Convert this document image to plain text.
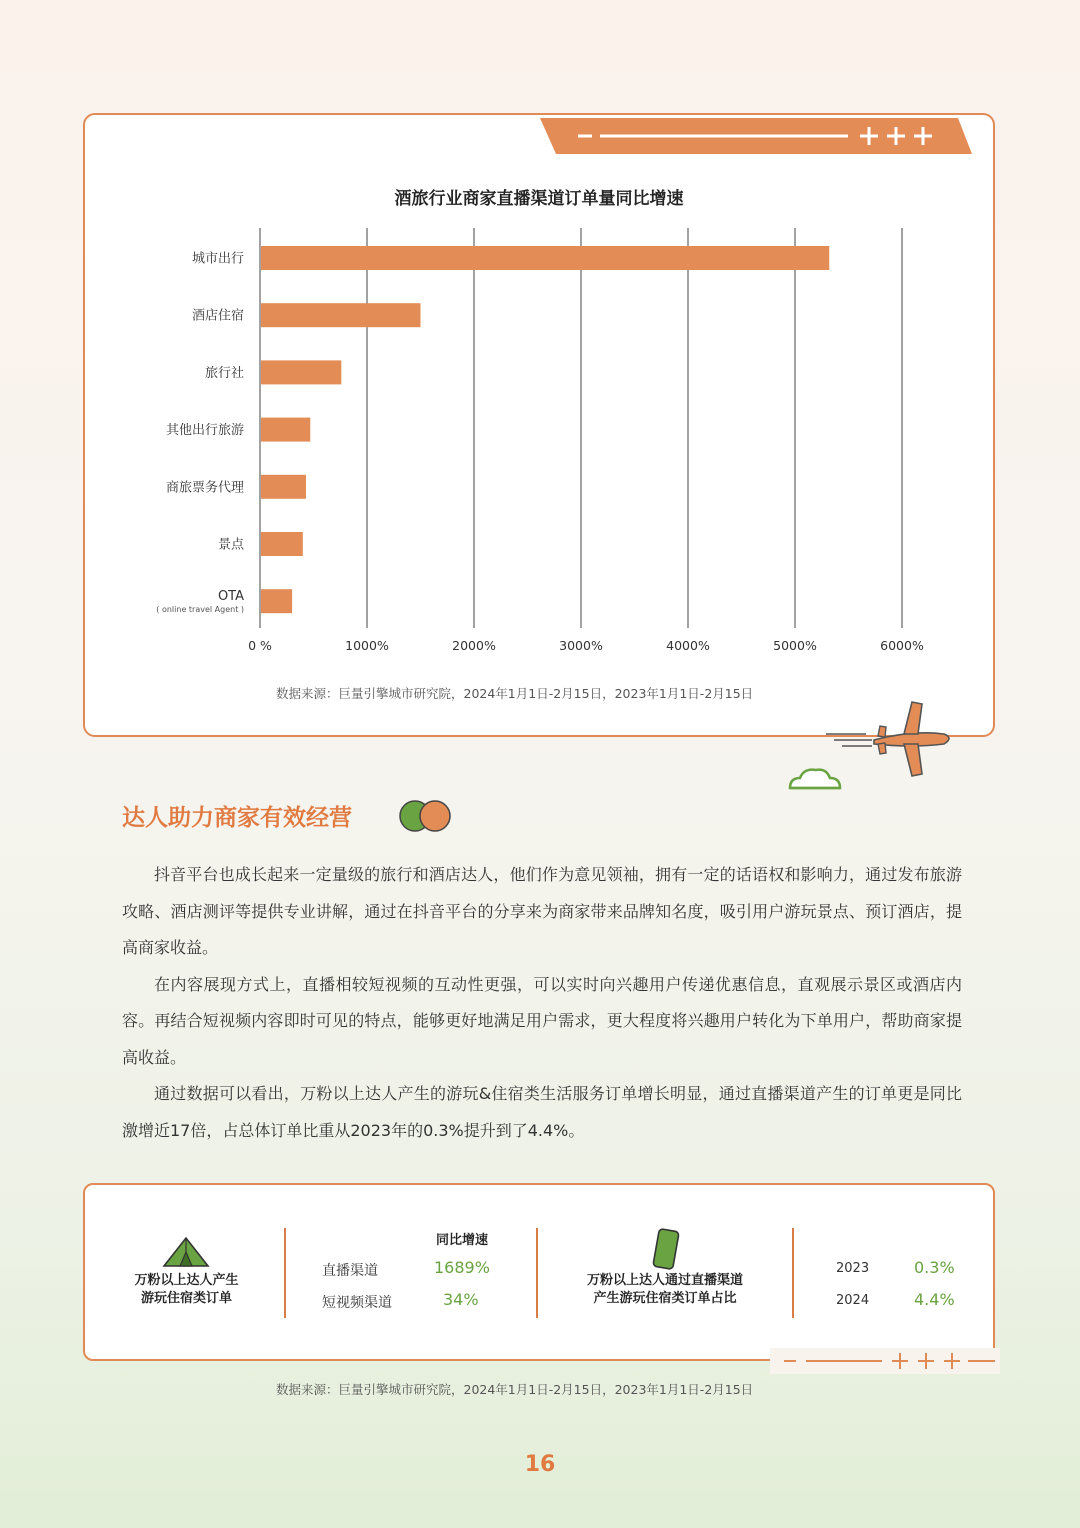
酒旅行业商家直播渠道订单量同比增速
0 %	1000%	2000%	3000%	4000%	5000%	6000%
城市出行
酒店住宿
旅行社
其他出行旅游
商旅票务代理
景点
OTA
( online travel Agent )
数据来源：巨量引擎城市研究院，2024年1月1日-2月15日，2023年1月1日-2月15日
达人助力商家有效经营

抖音平台也成长起来一定量级的旅行和酒店达人，他们作为意见领袖，拥有一定的话语权和影响力，通过发布旅游攻略、酒店测评等提供专业讲解，通过在抖音平台的分享来为商家带来品牌知名度，吸引用户游玩景点、预订酒店，提高商家收益。

在内容展现方式上，直播相较短视频的互动性更强，可以实时向兴趣用户传递优惠信息，直观展示景区或酒店内容。再结合短视频内容即时可见的特点，能够更好地满足用户需求，更大程度将兴趣用户转化为下单用户，帮助商家提高收益。

通过数据可以看出，万粉以上达人产生的游玩&住宿类生活服务订单增长明显，通过直播渠道产生的订单更是同比激增近17倍，占总体订单比重从2023年的0.3%提升到了4.4%。

万粉以上达人产生
游玩住宿类订单
同比增速
直播渠道	1689%
短视频渠道	34%
万粉以上达人通过直播渠道
产生游玩住宿类订单占比
2023	0.3%
2024	4.4%
数据来源：巨量引擎城市研究院，2024年1月1日-2月15日，2023年1月1日-2月15日
16
